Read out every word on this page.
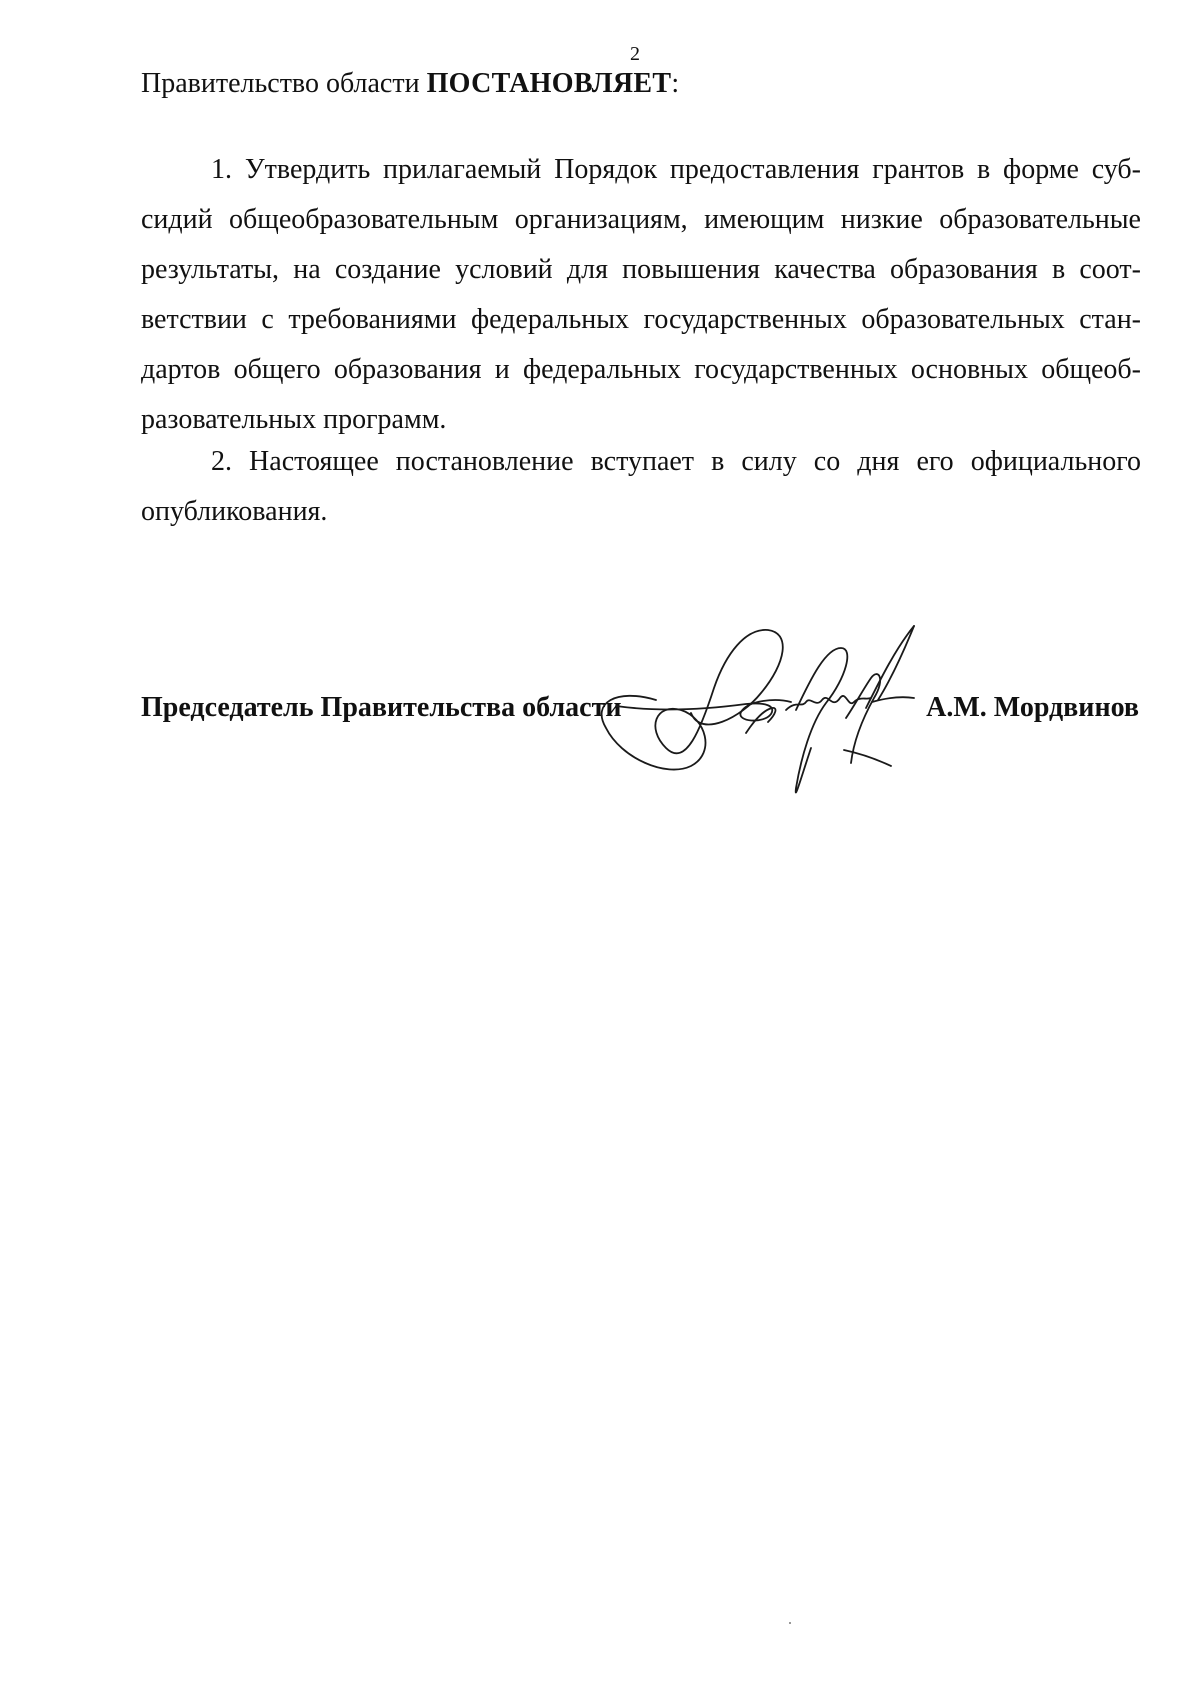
2
Правительство области ПОСТАНОВЛЯЕТ:
1. Утвердить прилагаемый Порядок предоставления грантов в форме суб-сидий общеобразовательным организациям, имеющим низкие образовательные результаты, на создание условий для повышения качества образования в соот-ветствии с требованиями федеральных государственных образовательных стан-дартов общего образования и федеральных государственных основных общеоб-разовательных программ.
2. Настоящее постановление вступает в силу со дня его официального опубликования.
Председатель Правительства области	А.М. Мордвинов
